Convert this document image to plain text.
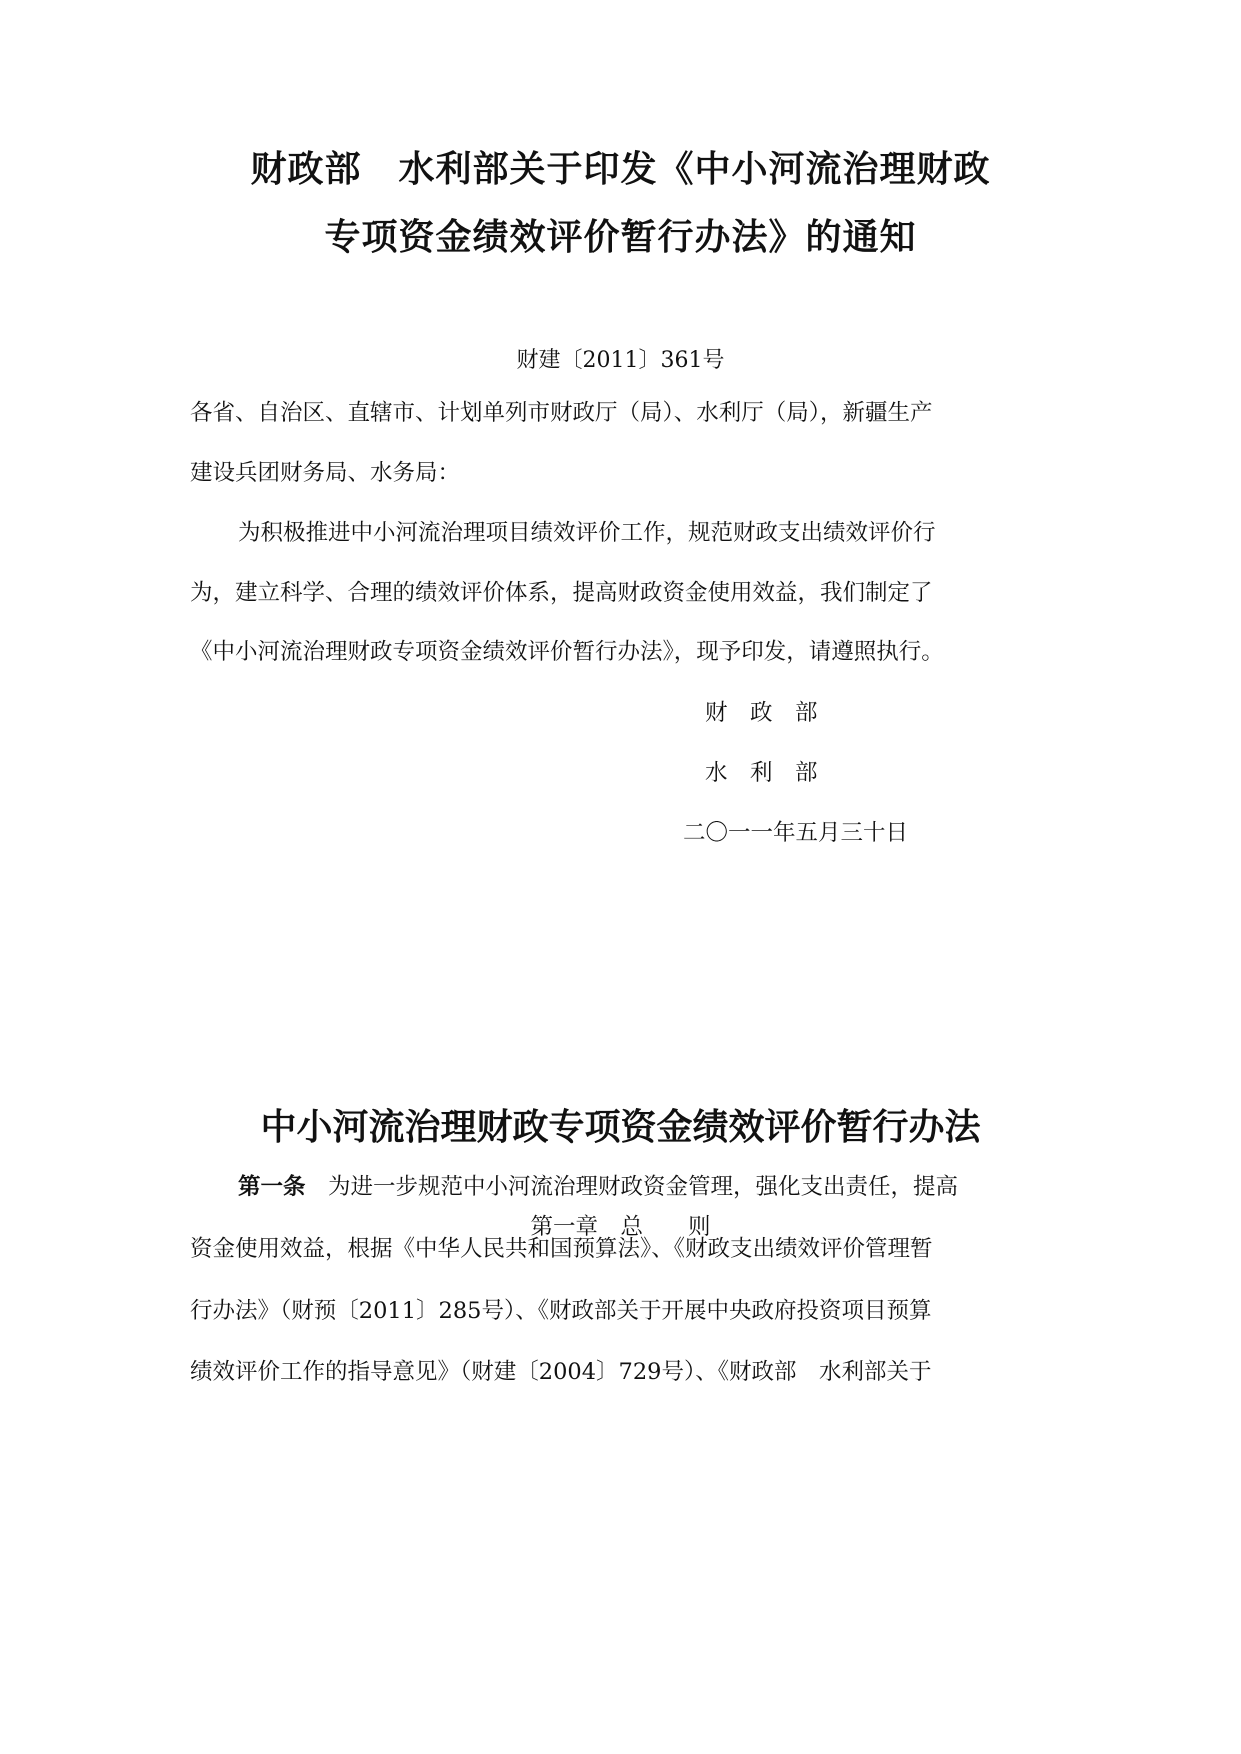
财政部　水利部关于印发《中小河流治理财政
专项资金绩效评价暂行办法》的通知
财建〔2011〕361号
各省、自治区、直辖市、计划单列市财政厅（局）、水利厅（局），新疆生产
建设兵团财务局、水务局：
为积极推进中小河流治理项目绩效评价工作，规范财政支出绩效评价行
为，建立科学、合理的绩效评价体系，提高财政资金使用效益，我们制定了
《中小河流治理财政专项资金绩效评价暂行办法》，现予印发，请遵照执行。
财　政　部
水　利　部
二〇一一年五月三十日
中小河流治理财政专项资金绩效评价暂行办法
第一章　总　　则
第一条　为进一步规范中小河流治理财政资金管理，强化支出责任，提高
资金使用效益，根据《中华人民共和国预算法》、《财政支出绩效评价管理暂
行办法》（财预〔2011〕285号）、《财政部关于开展中央政府投资项目预算
绩效评价工作的指导意见》（财建〔2004〕729号）、《财政部　水利部关于
